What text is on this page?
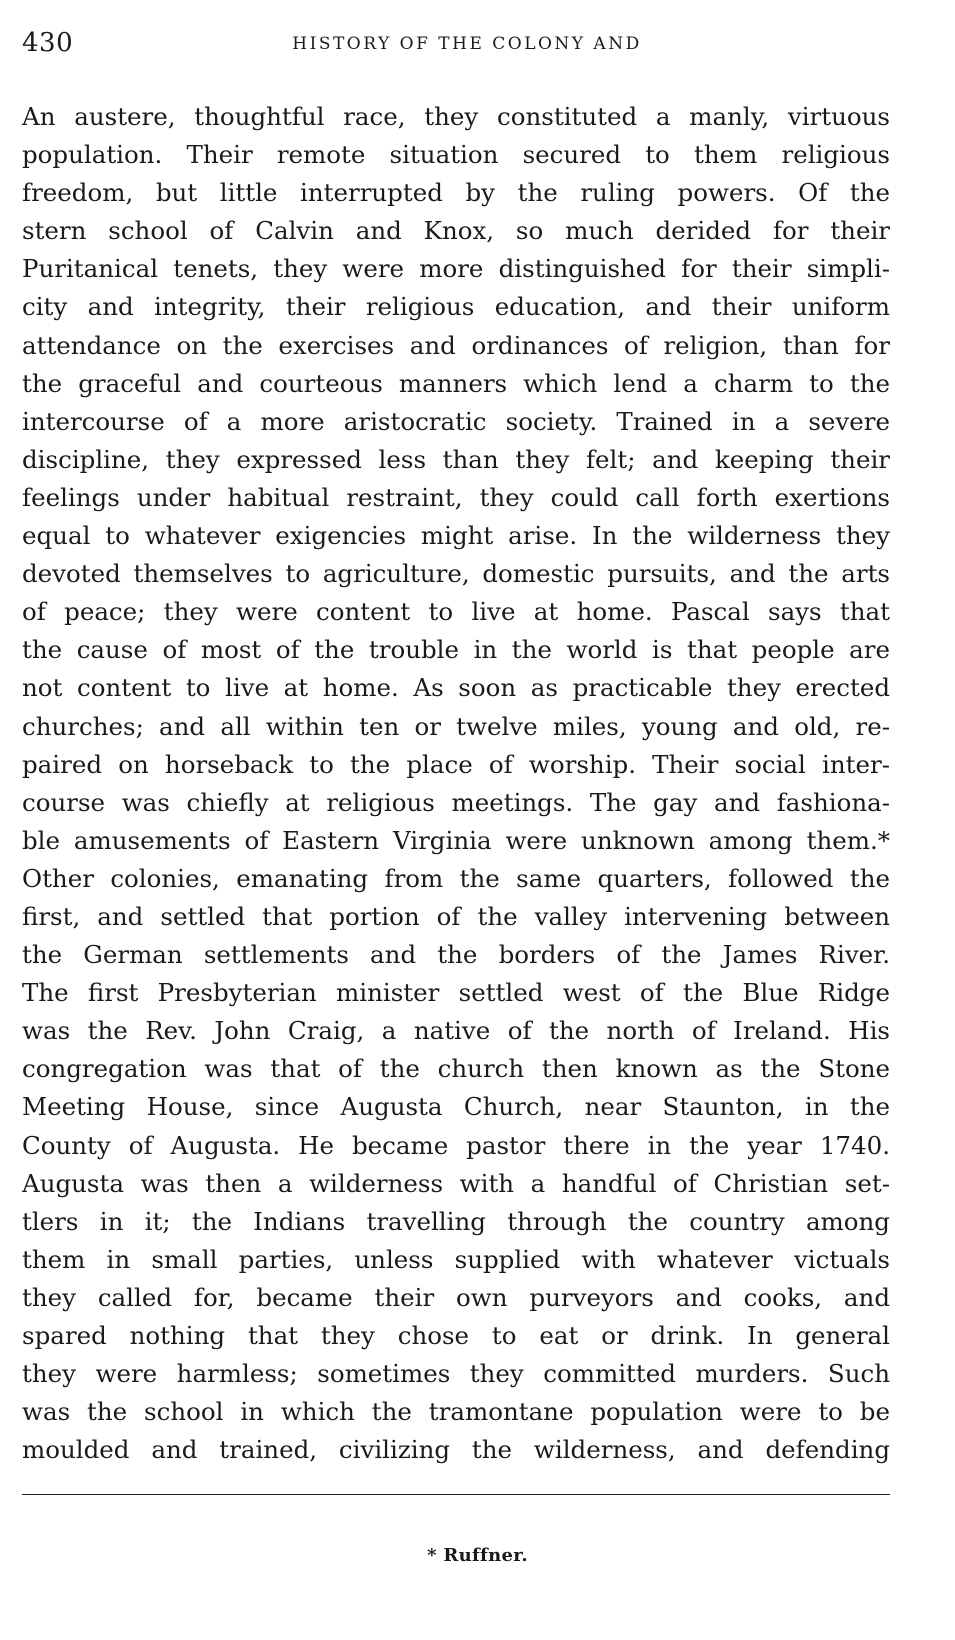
430	HISTORY OF THE COLONY AND
An austere, thoughtful race, they constituted a manly, virtuous
population. Their remote situation secured to them religious
freedom, but little interrupted by the ruling powers. Of the
stern school of Calvin and Knox, so much derided for their
Puritanical tenets, they were more distinguished for their simpli-
city and integrity, their religious education, and their uniform
attendance on the exercises and ordinances of religion, than for
the graceful and courteous manners which lend a charm to the
intercourse of a more aristocratic society. Trained in a severe
discipline, they expressed less than they felt; and keeping their
feelings under habitual restraint, they could call forth exertions
equal to whatever exigencies might arise. In the wilderness they
devoted themselves to agriculture, domestic pursuits, and the arts
of peace; they were content to live at home. Pascal says that
the cause of most of the trouble in the world is that people are
not content to live at home. As soon as practicable they erected
churches; and all within ten or twelve miles, young and old, re-
paired on horseback to the place of worship. Their social inter-
course was chiefly at religious meetings. The gay and fashiona-
ble amusements of Eastern Virginia were unknown among them.*
Other colonies, emanating from the same quarters, followed the
first, and settled that portion of the valley intervening between
the German settlements and the borders of the James River.
The first Presbyterian minister settled west of the Blue Ridge
was the Rev. John Craig, a native of the north of Ireland. His
congregation was that of the church then known as the Stone
Meeting House, since Augusta Church, near Staunton, in the
County of Augusta. He became pastor there in the year 1740.
Augusta was then a wilderness with a handful of Christian set-
tlers in it; the Indians travelling through the country among
them in small parties, unless supplied with whatever victuals
they called for, became their own purveyors and cooks, and
spared nothing that they chose to eat or drink. In general
they were harmless; sometimes they committed murders. Such
was the school in which the tramontane population were to be
moulded and trained, civilizing the wilderness, and defending
* Ruffner.
